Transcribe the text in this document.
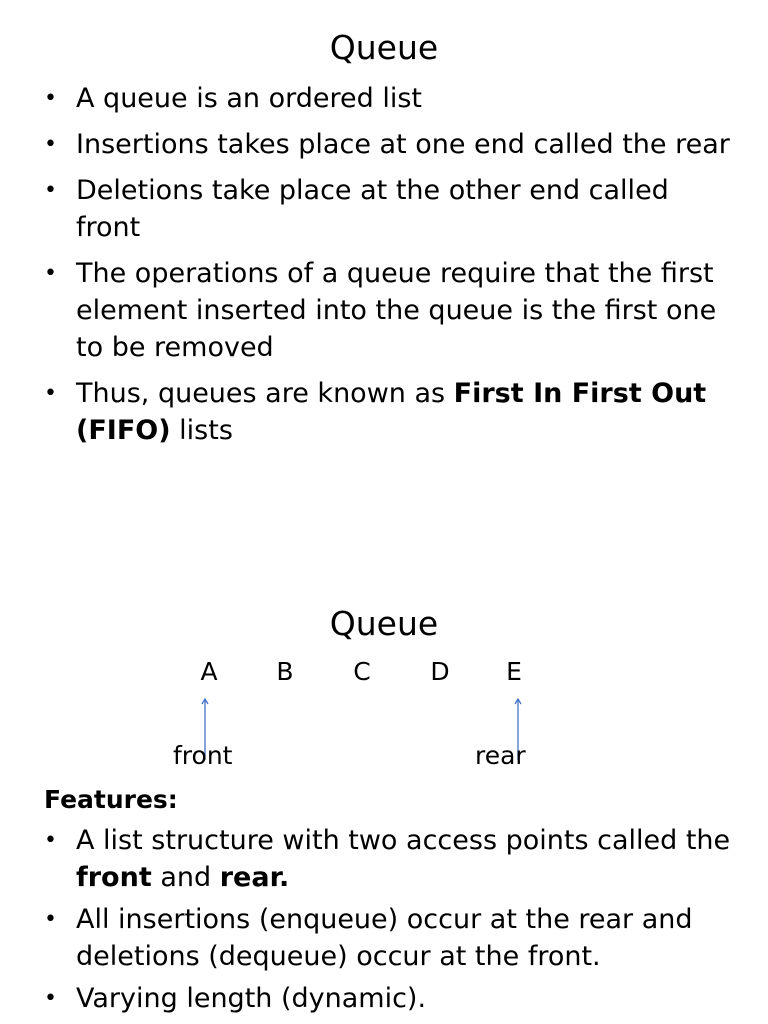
Queue
• A queue is an ordered list
• Insertions takes place at one end called the rear
• Deletions take place at the other end called front
• The operations of a queue require that the first element inserted into the queue is the first one to be removed
• Thus, queues are known as First In First Out (FIFO) lists
Queue
A B C D E
front	rear
Features:
• A list structure with two access points called the front and rear.
• All insertions (enqueue) occur at the rear and deletions (dequeue) occur at the front.
• Varying length (dynamic).
